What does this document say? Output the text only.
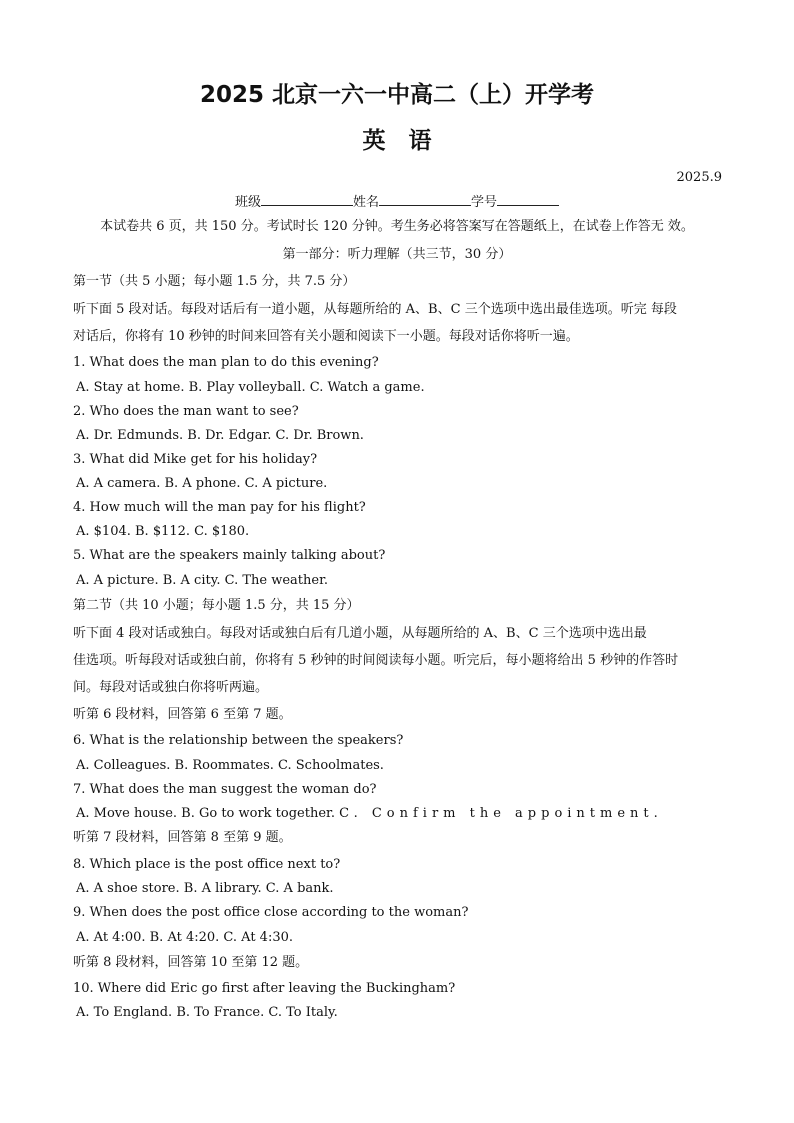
2025 北京一六一中高二（上）开学考
英　语
2025.9
班级	姓名	学号
本试卷共 6 页，共 150 分。考试时长 120 分钟。考生务必将答案写在答题纸上，在试卷上作答无 效。
第一部分：听力理解（共三节，30 分）
第一节（共 5 小题；每小题 1.5 分，共 7.5 分）
听下面 5 段对话。每段对话后有一道小题，从每题所给的 A、B、C 三个选项中选出最佳选项。听完 每段
对话后，你将有 10 秒钟的时间来回答有关小题和阅读下一小题。每段对话你将听一遍。
1. What does the man plan to do this evening?
A. Stay at home. B. Play volleyball. C. Watch a game.
2. Who does the man want to see?
A. Dr. Edmunds. B. Dr. Edgar. C. Dr. Brown.
3. What did Mike get for his holiday?
A. A camera. B. A phone. C. A picture.
4. How much will the man pay for his flight?
A. $104. B. $112. C. $180.
5. What are the speakers mainly talking about?
A. A picture. B. A city. C. The weather.
第二节（共 10 小题；每小题 1.5 分，共 15 分）
听下面 4 段对话或独白。每段对话或独白后有几道小题，从每题所给的 A、B、C 三个选项中选出最
佳选项。听每段对话或独白前，你将有 5 秒钟的时间阅读每小题。听完后，每小题将给出 5 秒钟的作答时
间。每段对话或独白你将听两遍。
听第 6 段材料，回答第 6 至第 7 题。
6. What is the relationship between the speakers?
A. Colleagues. B. Roommates. C. Schoolmates.
7. What does the man suggest the woman do?
A. Move house. B. Go to work together. C. Confirm the appointment.
听第 7 段材料，回答第 8 至第 9 题。
8. Which place is the post office next to?
A. A shoe store. B. A library. C. A bank.
9. When does the post office close according to the woman?
A. At 4:00. B. At 4:20. C. At 4:30.
听第 8 段材料，回答第 10 至第 12 题。
10. Where did Eric go first after leaving the Buckingham?
A. To England. B. To France. C. To Italy.
